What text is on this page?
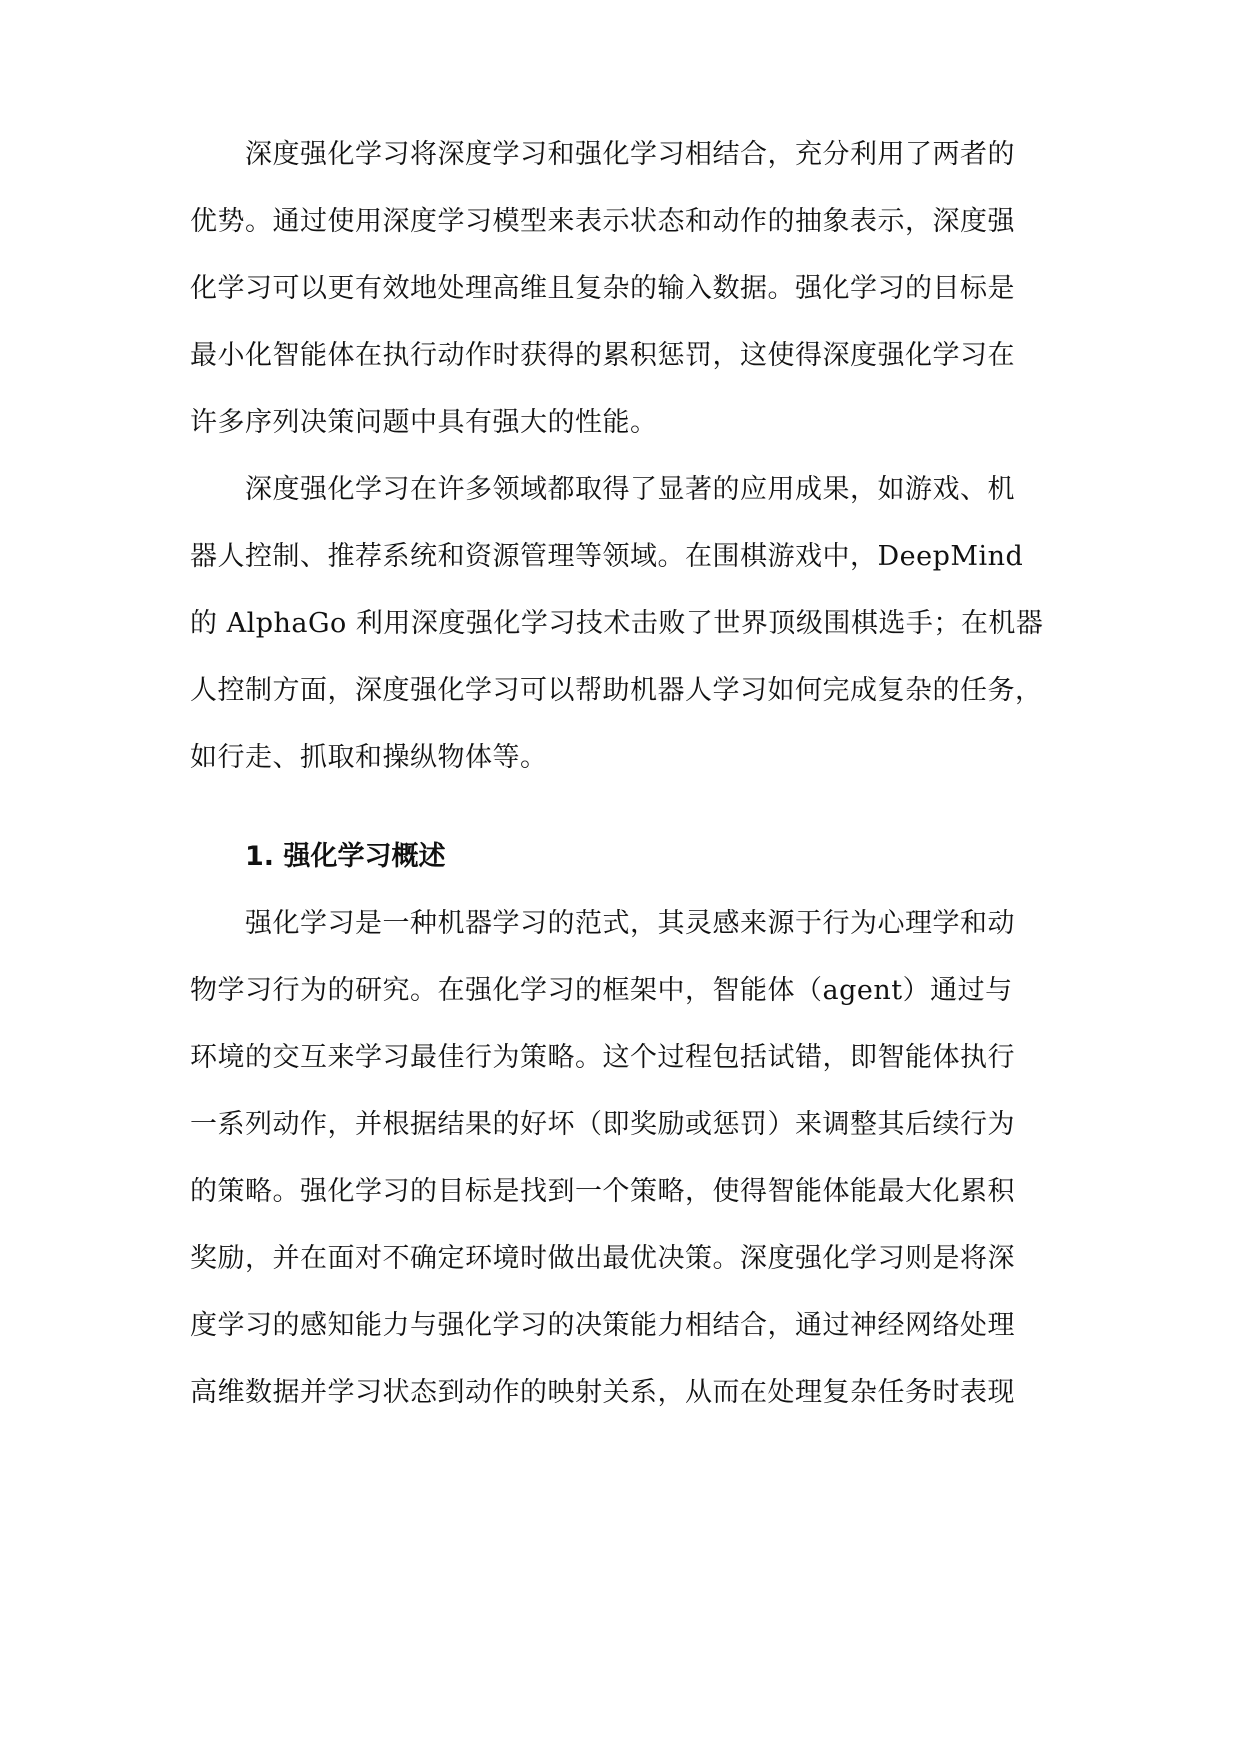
深度强化学习将深度学习和强化学习相结合，充分利用了两者的
优势。通过使用深度学习模型来表示状态和动作的抽象表示，深度强
化学习可以更有效地处理高维且复杂的输入数据。强化学习的目标是
最小化智能体在执行动作时获得的累积惩罚，这使得深度强化学习在
许多序列决策问题中具有强大的性能。
深度强化学习在许多领域都取得了显著的应用成果，如游戏、机
器人控制、推荐系统和资源管理等领域。在围棋游戏中，DeepMind
的 AlphaGo 利用深度强化学习技术击败了世界顶级围棋选手；在机器
人控制方面，深度强化学习可以帮助机器人学习如何完成复杂的任务，
如行走、抓取和操纵物体等。
1. 强化学习概述
强化学习是一种机器学习的范式，其灵感来源于行为心理学和动
物学习行为的研究。在强化学习的框架中，智能体（agent）通过与
环境的交互来学习最佳行为策略。这个过程包括试错，即智能体执行
一系列动作，并根据结果的好坏（即奖励或惩罚）来调整其后续行为
的策略。强化学习的目标是找到一个策略，使得智能体能最大化累积
奖励，并在面对不确定环境时做出最优决策。深度强化学习则是将深
度学习的感知能力与强化学习的决策能力相结合，通过神经网络处理
高维数据并学习状态到动作的映射关系，从而在处理复杂任务时表现
